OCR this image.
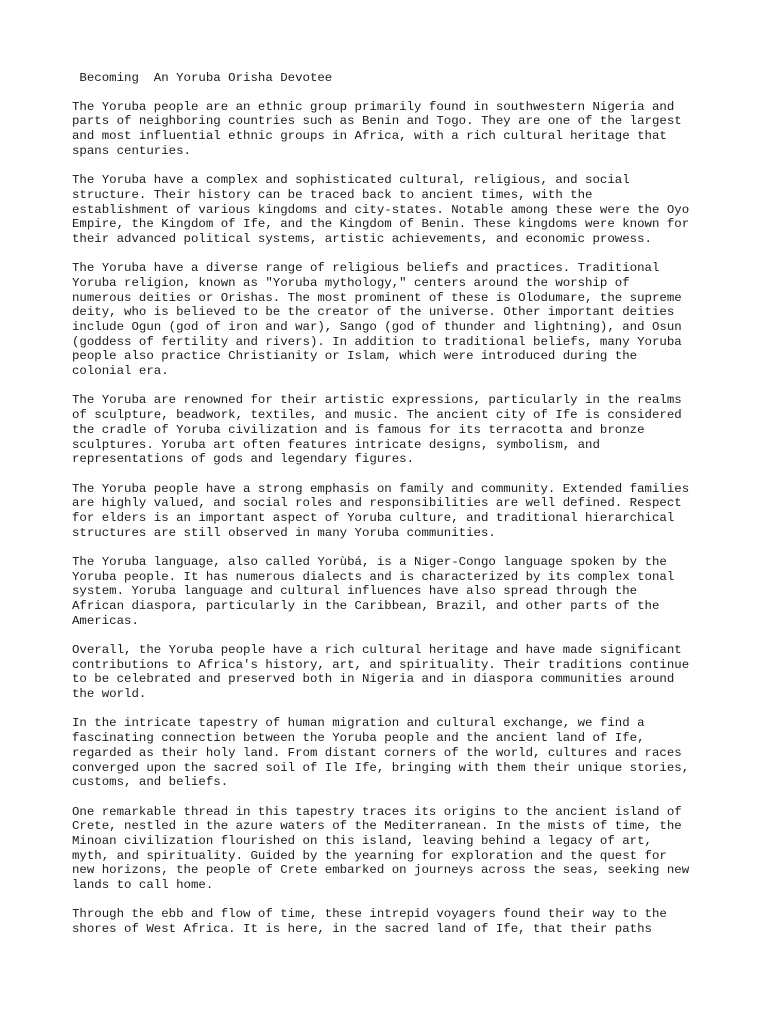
Becoming  An Yoruba Orisha Devotee
The Yoruba people are an ethnic group primarily found in southwestern Nigeria and
parts of neighboring countries such as Benin and Togo. They are one of the largest
and most influential ethnic groups in Africa, with a rich cultural heritage that
spans centuries.
The Yoruba have a complex and sophisticated cultural, religious, and social
structure. Their history can be traced back to ancient times, with the
establishment of various kingdoms and city-states. Notable among these were the Oyo
Empire, the Kingdom of Ife, and the Kingdom of Benin. These kingdoms were known for
their advanced political systems, artistic achievements, and economic prowess.
The Yoruba have a diverse range of religious beliefs and practices. Traditional
Yoruba religion, known as "Yoruba mythology," centers around the worship of
numerous deities or Orishas. The most prominent of these is Olodumare, the supreme
deity, who is believed to be the creator of the universe. Other important deities
include Ogun (god of iron and war), Sango (god of thunder and lightning), and Osun
(goddess of fertility and rivers). In addition to traditional beliefs, many Yoruba
people also practice Christianity or Islam, which were introduced during the
colonial era.
The Yoruba are renowned for their artistic expressions, particularly in the realms
of sculpture, beadwork, textiles, and music. The ancient city of Ife is considered
the cradle of Yoruba civilization and is famous for its terracotta and bronze
sculptures. Yoruba art often features intricate designs, symbolism, and
representations of gods and legendary figures.
The Yoruba people have a strong emphasis on family and community. Extended families
are highly valued, and social roles and responsibilities are well defined. Respect
for elders is an important aspect of Yoruba culture, and traditional hierarchical
structures are still observed in many Yoruba communities.
The Yoruba language, also called Yorùbá, is a Niger-Congo language spoken by the
Yoruba people. It has numerous dialects and is characterized by its complex tonal
system. Yoruba language and cultural influences have also spread through the
African diaspora, particularly in the Caribbean, Brazil, and other parts of the
Americas.
Overall, the Yoruba people have a rich cultural heritage and have made significant
contributions to Africa's history, art, and spirituality. Their traditions continue
to be celebrated and preserved both in Nigeria and in diaspora communities around
the world.
In the intricate tapestry of human migration and cultural exchange, we find a
fascinating connection between the Yoruba people and the ancient land of Ife,
regarded as their holy land. From distant corners of the world, cultures and races
converged upon the sacred soil of Ile Ife, bringing with them their unique stories,
customs, and beliefs.
One remarkable thread in this tapestry traces its origins to the ancient island of
Crete, nestled in the azure waters of the Mediterranean. In the mists of time, the
Minoan civilization flourished on this island, leaving behind a legacy of art,
myth, and spirituality. Guided by the yearning for exploration and the quest for
new horizons, the people of Crete embarked on journeys across the seas, seeking new
lands to call home.
Through the ebb and flow of time, these intrepid voyagers found their way to the
shores of West Africa. It is here, in the sacred land of Ife, that their paths
